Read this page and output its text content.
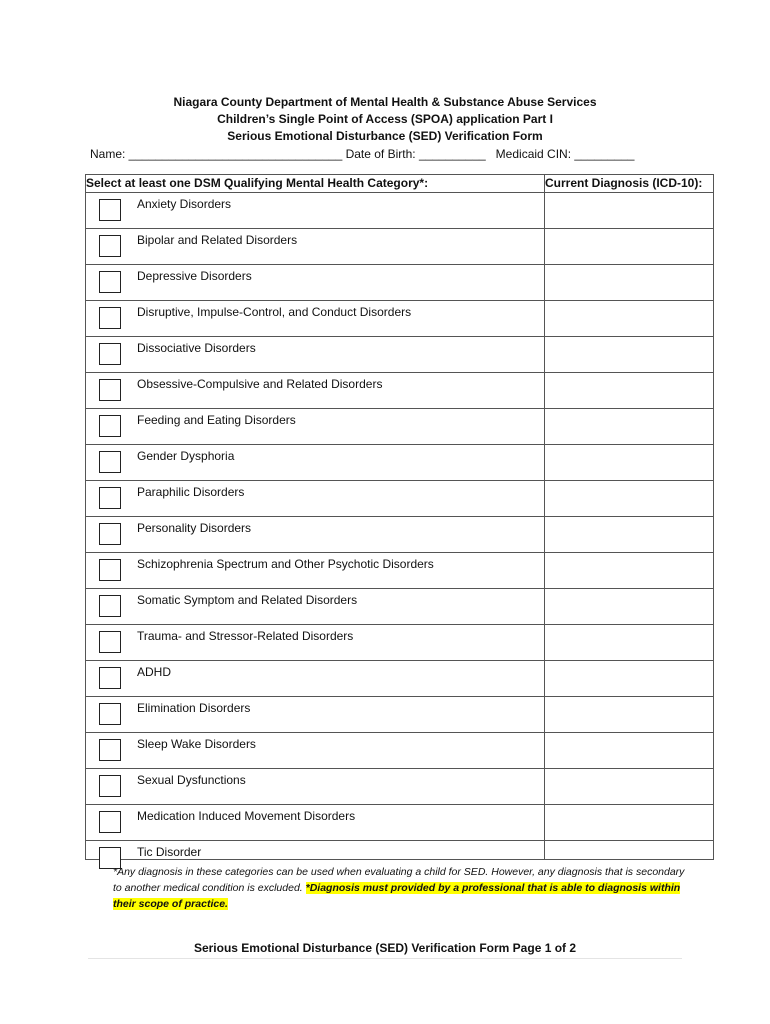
Niagara County Department of Mental Health & Substance Abuse Services
Children’s Single Point of Access (SPOA) application Part I
Serious Emotional Disturbance (SED) Verification Form
Name: ________________________________ Date of Birth: __________   Medicaid CIN: _________
Select at least one DSM Qualifying Mental Health Category*:	Current Diagnosis (ICD-10):

Anxiety Disorders	

Bipolar and Related Disorders	

Depressive Disorders	

Disruptive, Impulse-Control, and Conduct Disorders	

Dissociative Disorders	

Obsessive-Compulsive and Related Disorders	

Feeding and Eating Disorders	

Gender Dysphoria	

Paraphilic Disorders	

Personality Disorders	

Schizophrenia Spectrum and Other Psychotic Disorders	

Somatic Symptom and Related Disorders	

Trauma- and Stressor-Related Disorders	

ADHD	

Elimination Disorders	

Sleep Wake Disorders	

Sexual Dysfunctions	

Medication Induced Movement Disorders	

Tic Disorder	

*Any diagnosis in these categories can be used when evaluating a child for SED. However, any diagnosis that is secondary to another medical condition is excluded. *Diagnosis must provided by a professional that is able to diagnosis within their scope of practice.
Serious Emotional Disturbance (SED) Verification Form Page 1 of 2
